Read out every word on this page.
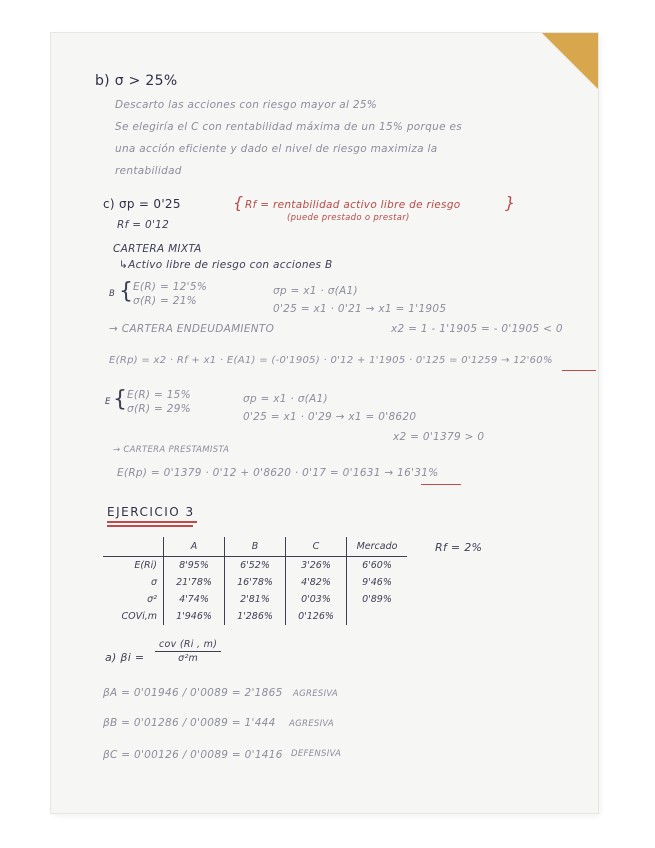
b) σ > 25%
Descarto las acciones con riesgo mayor al 25%
Se elegiría el C con rentabilidad máxima de un 15% porque es
una acción eficiente y dado el nivel de riesgo maximiza la
rentabilidad
c) σp = 0'25
Rf = 0'12
{ Rf = rentabilidad activo libre de riesgo
(puede prestado o prestar)
}
CARTERA MIXTA
↳Activo libre de riesgo con acciones B
{
B
E(R) = 12'5%
σ(R) = 21%
σp = x1 · σ(A1)
0'25 = x1 · 0'21 → x1 = 1'1905
→ CARTERA ENDEUDAMIENTO	x2 = 1 - 1'1905 = - 0'1905 < 0
E(Rp) = x2 · Rf + x1 · E(A1) = (-0'1905) · 0'12 + 1'1905 · 0'125 = 0'1259 → 12'60%
{
E
E(R) = 15%
σ(R) = 29%
σp = x1 · σ(A1)
0'25 = x1 · 0'29 → x1 = 0'8620
x2 = 0'1379 > 0
→ CARTERA PRESTAMISTA
E(Rp) = 0'1379 · 0'12 + 0'8620 · 0'17 = 0'1631 → 16'31%
EJERCICIO 3
Rf = 2%
	A	B	C	Mercado
E(Ri)	8'95%	6'52%	3'26%	6'60%
σ	21'78%	16'78%	4'82%	9'46%
σ²	4'74%	2'81%	0'03%	0'89%
COVi,m	1'946%	1'286%	0'126%	
a) βi =
cov (Ri , m)
σ²m
βA = 0'01946 / 0'0089 = 2'1865 AGRESIVA
βB = 0'01286 / 0'0089 = 1'444 AGRESIVA
βC = 0'00126 / 0'0089 = 0'1416 DEFENSIVA
